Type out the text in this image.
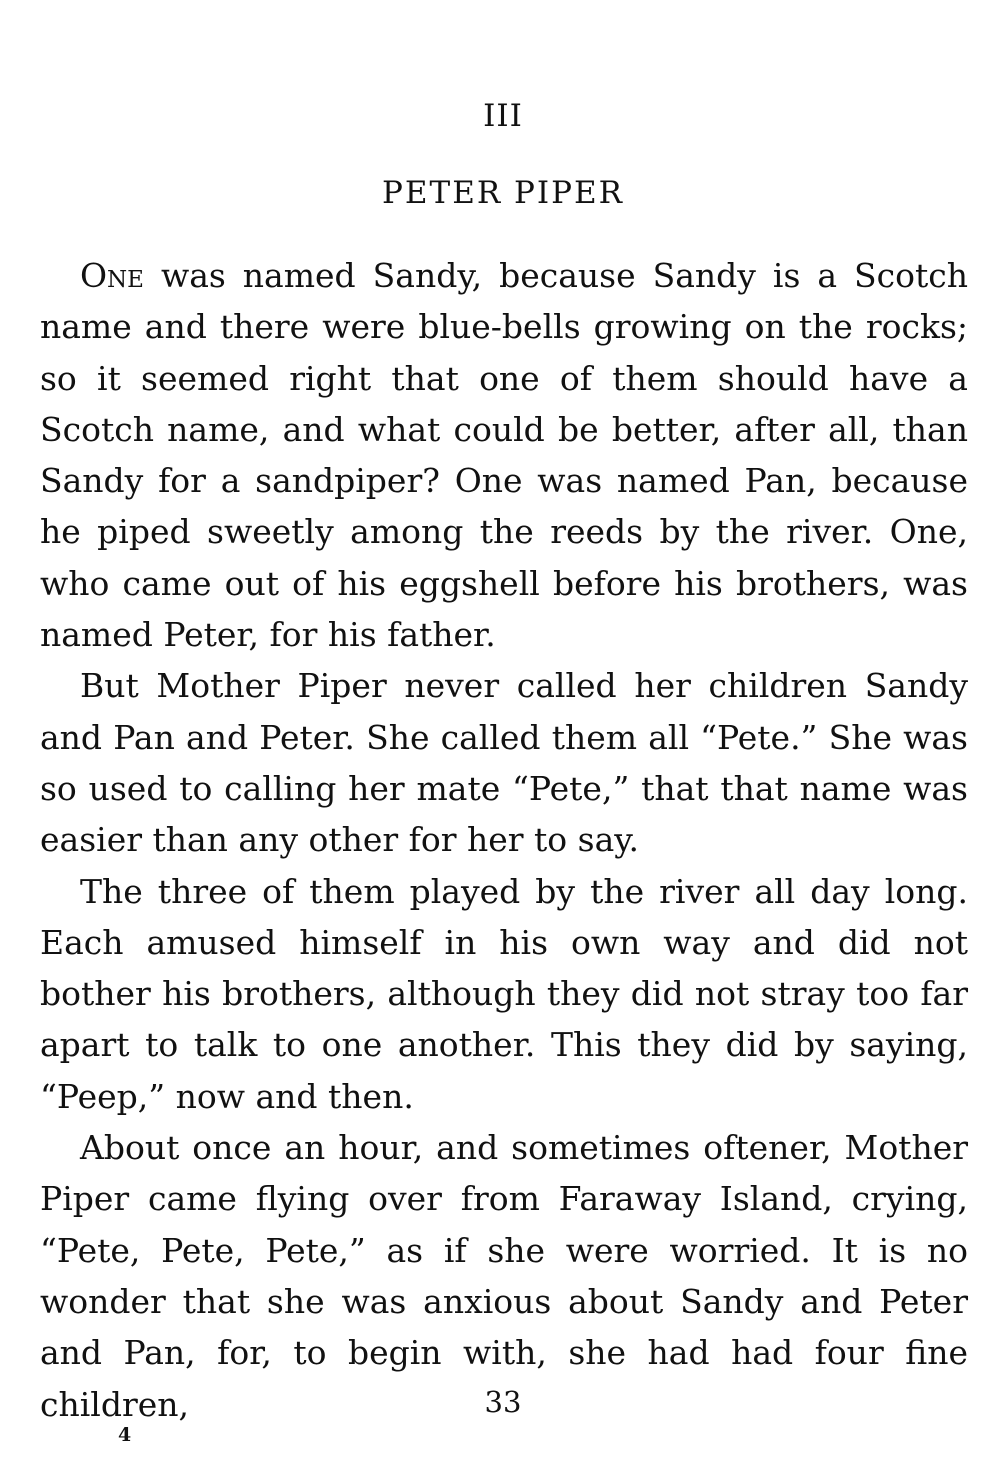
III
PETER PIPER

One was named Sandy, because Sandy is a Scotch name and there were blue-bells growing on the rocks; so it seemed right that one of them should have a Scotch name, and what could be better, after all, than Sandy for a sandpiper? One was named Pan, because he piped sweetly among the reeds by the river. One, who came out of his eggshell before his brothers, was named Peter, for his father.

But Mother Piper never called her children Sandy and Pan and Peter. She called them all “Pete.” She was so used to calling her mate “Pete,” that that name was easier than any other for her to say.

The three of them played by the river all day long. Each amused himself in his own way and did not bother his brothers, although they did not stray too far apart to talk to one another. This they did by saying, “Peep,” now and then.

About once an hour, and sometimes oftener, Mother Piper came flying over from Faraway Island, crying, “Pete, Pete, Pete,” as if she were worried. It is no wonder that she was anxious about Sandy and Peter and Pan, for, to begin with, she had had four fine children,	33
4
